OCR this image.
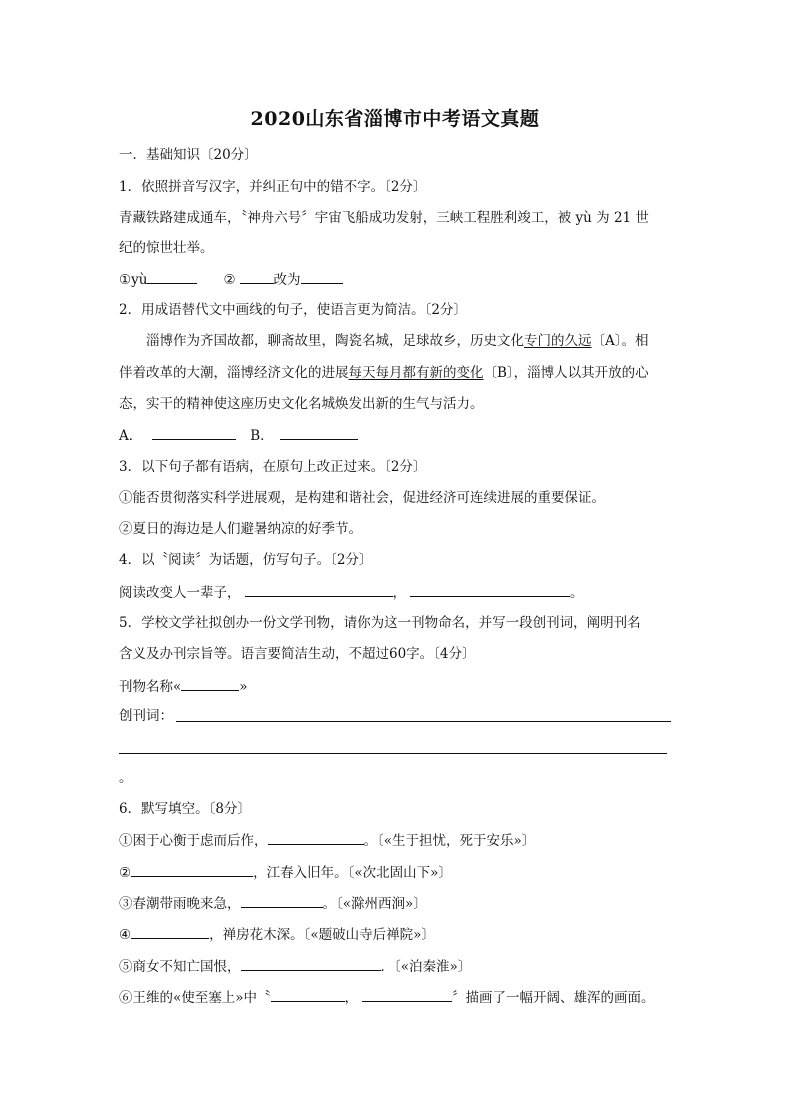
2020山东省淄博市中考语文真题
一．基础知识〔20分〕
1．依照拼音写汉字，并纠正句中的错不字。〔2分〕
青藏铁路建成通车，〝神舟六号〞宇宙飞船成功发射，三峡工程胜利竣工，被 yù 为 21 世
纪的惊世壮举。
①yù	②	改为
2．用成语替代文中画线的句子，使语言更为简洁。〔2分〕
淄博作为齐国故都，聊斋故里，陶瓷名城，足球故乡，历史文化专门的久远〔A〕。相
伴着改革的大潮，淄博经济文化的进展每天每月都有新的变化〔B〕，淄博人以其开放的心
态，实干的精神使这座历史文化名城焕发出新的生气与活力。
A．	B．
3．以下句子都有语病，在原句上改正过来。〔2分〕
①能否贯彻落实科学进展观，是构建和谐社会，促进经济可连续进展的重要保证。
②夏日的海边是人们避暑纳凉的好季节。
4．以〝阅读〞为话题，仿写句子。〔2分〕
阅读改变人一辈子，	，	。
5．学校文学社拟创办一份文学刊物，请你为这一刊物命名，并写一段创刊词，阐明刊名
含义及办刊宗旨等。语言要简洁生动，不超过60字。〔4分〕
刊物名称«	»
创刊词：
。
6．默写填空。〔8分〕
①困于心衡于虑而后作，	。〔«生于担忧，死于安乐»〕
②	，江春入旧年。〔«次北固山下»〕
③春潮带雨晚来急，	。〔«滁州西涧»〕
④	，禅房花木深。〔«题破山寺后禅院»〕
⑤商女不知亡国恨，	．〔«泊秦淮»〕
⑥王维的«使至塞上»中〝	，	〞描画了一幅开阔、雄浑的画面。
